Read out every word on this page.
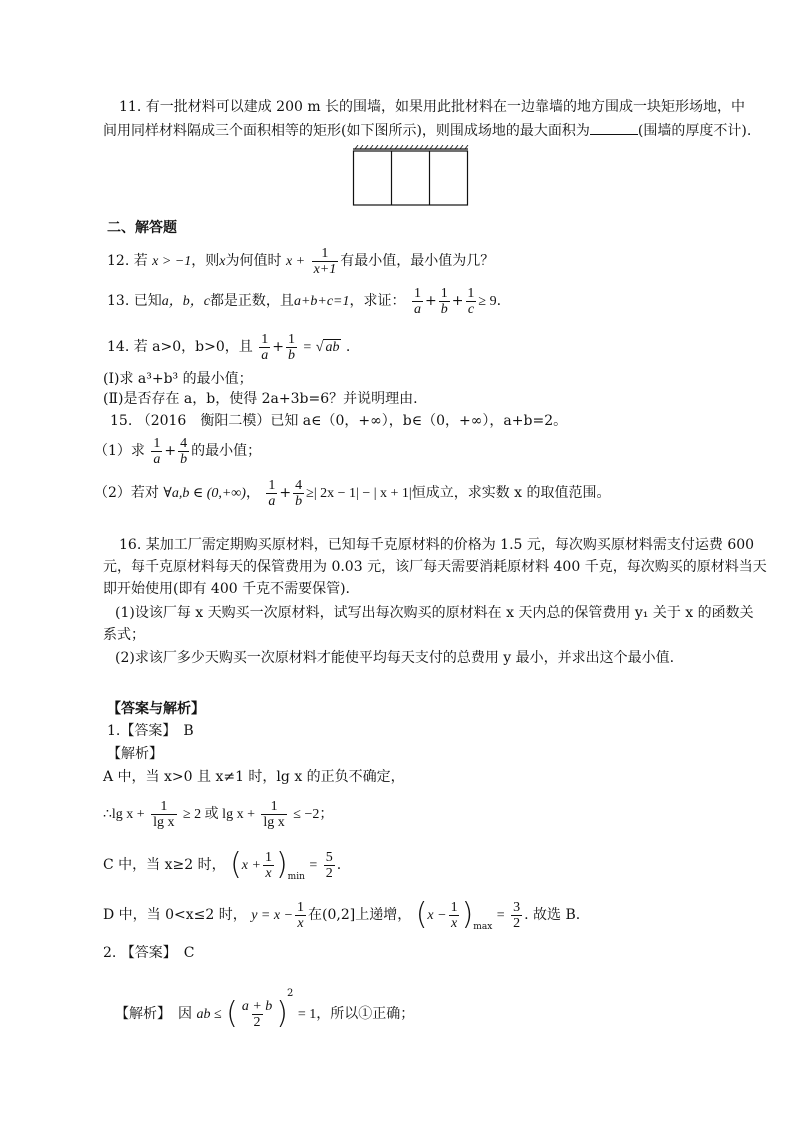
11. 有一批材料可以建成 200 m 长的围墙，如果用此批材料在一边靠墙的地方围成一块矩形场地，中
间用同样材料隔成三个面积相等的矩形(如下图所示)，则围成场地的最大面积为	(围墙的厚度不计).
二、解答题
12. 若 x > −1，则x为何值时 $x + \frac{1}{x+1}$ 有最小值，最小值为几？
13. 已知a，b，c都是正数，且a+b+c=1，求证： $\frac{1}{a} + \frac{1}{b} + \frac{1}{c} \ge 9$.
14. 若 a>0，b>0，且 $\frac{1}{a} + \frac{1}{b}$ = √ ab .
(Ⅰ)求 a³+b³ 的最小值；
(Ⅱ)是否存在 a，b，使得 2a+3b=6？并说明理由.
15. （2016　衡阳二模）已知 a∈（0，+∞），b∈（0，+∞），a+b=2。
（1）求 $\frac{1}{a} + \frac{4}{b}$ 的最小值；
（2）若对 ∀a,b ∈ (0,+∞)， $\frac{1}{a} + \frac{4}{b}$ ≥| 2x − 1| − | x + 1|恒成立，求实数 x 的取值范围。
16. 某加工厂需定期购买原材料，已知每千克原材料的价格为 1.5 元，每次购买原材料需支付运费 600
元，每千克原材料每天的保管费用为 0.03 元，该厂每天需要消耗原材料 400 千克，每次购买的原材料当天
即开始使用(即有 400 千克不需要保管).
(1)设该厂每 x 天购买一次原材料，试写出每次购买的原材料在 x 天内总的保管费用 y₁ 关于 x 的函数关
系式；
(2)求该厂多少天购买一次原材料才能使平均每天支付的总费用 y 最小，并求出这个最小值.
【答案与解析】
1.【答案】　B
【解析】
A 中，当 x>0 且 x≠1 时，lg x 的正负不确定，
∴lg $x + \frac{1}{\text{lg x}} \ge 2$ 或 $\lg x + \frac{1}{\text{lg x}} \le -2$；
C 中，当 x≥2 时， $(x + \frac{1}{x} )_{min} = \frac{5}{2}$ .
D 中，当 0<x≤2 时， $y = x - \frac{1}{x}$ 在(0,2]上递增， $(x - \frac{1}{x} )_{max} = \frac{3}{2}$ . 故选 B.
2. 【答案】　C
【解析】　因 ab ≤ ( $\frac{a + b}{2} )^2 = 1$，所以①正确；
